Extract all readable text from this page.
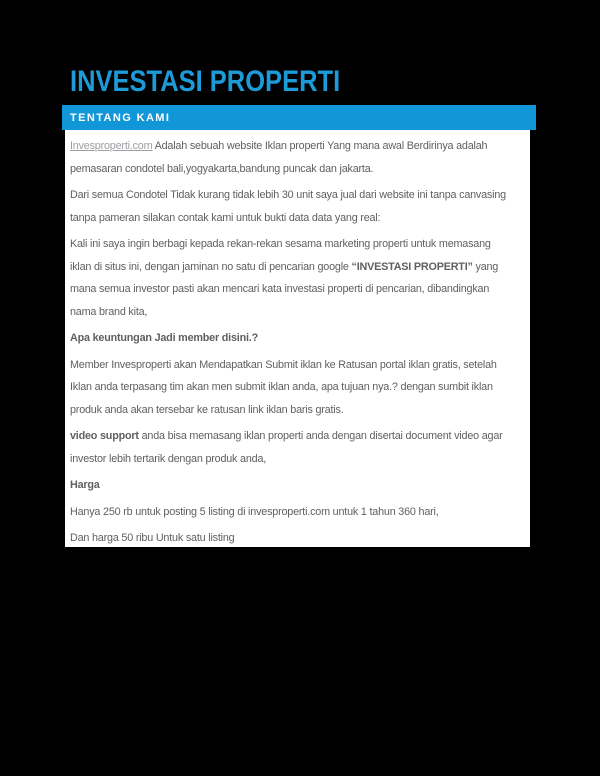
INVESTASI PROPERTI
TENTANG KAMI
Invesproperti.com Adalah sebuah website Iklan properti Yang mana awal Berdirinya adalah
pemasaran condotel bali,yogyakarta,bandung puncak dan jakarta.
Dari semua Condotel Tidak kurang tidak lebih 30 unit saya jual dari website ini tanpa canvasing
tanpa pameran silakan contak kami untuk bukti data data yang real:
Kali ini saya ingin berbagi kepada rekan-rekan sesama marketing properti untuk memasang
iklan di situs ini, dengan jaminan no satu di pencarian google “INVESTASI PROPERTI” yang
mana semua investor pasti akan mencari kata investasi properti di pencarian, dibandingkan
nama brand kita,
Apa keuntungan Jadi member disini.?
Member Invesproperti akan Mendapatkan Submit iklan ke Ratusan portal iklan gratis, setelah
Iklan anda terpasang tim akan men submit iklan anda, apa tujuan nya.? dengan sumbit iklan
produk anda akan tersebar ke ratusan link iklan baris gratis.
video support anda bisa memasang iklan properti anda dengan disertai document video agar
investor lebih tertarik dengan produk anda,
Harga
Hanya 250 rb untuk posting 5 listing di invesproperti.com untuk 1 tahun 360 hari,
Dan harga 50 ribu Untuk satu listing
